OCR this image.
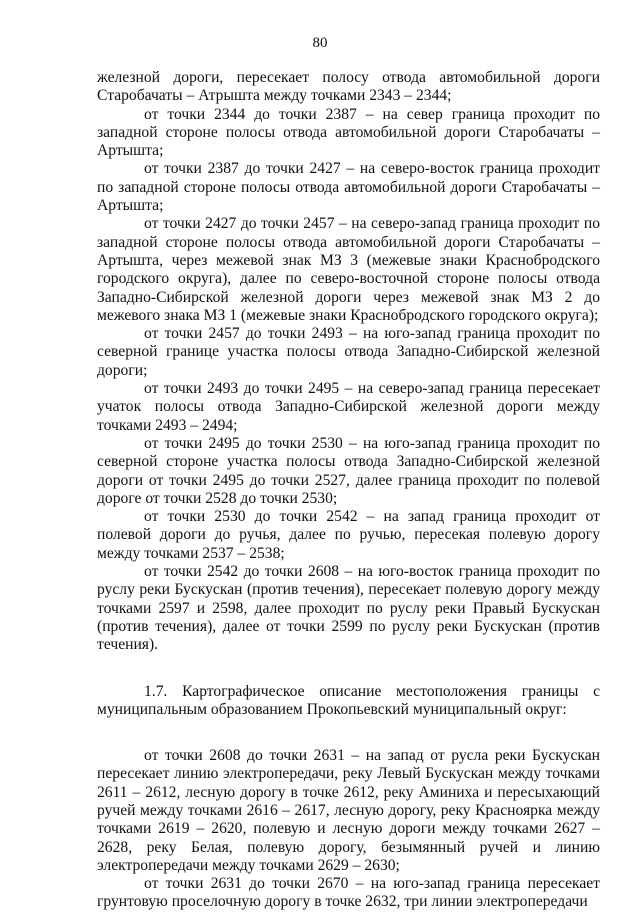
80

железной дороги, пересекает полосу отвода автомобильной дороги Старобачаты – Атрышта между точками 2343 – 2344;

от точки 2344 до точки 2387 – на север граница проходит по западной стороне полосы отвода автомобильной дороги Старобачаты – Артышта;

от точки 2387 до точки 2427 – на северо-восток граница проходит по западной стороне полосы отвода автомобильной дороги Старобачаты – Артышта;

от точки 2427 до точки 2457 – на северо-запад граница проходит по западной стороне полосы отвода автомобильной дороги Старобачаты – Артышта, через межевой знак МЗ 3 (межевые знаки Краснобродского городского округа), далее по северо-восточной стороне полосы отвода Западно-Сибирской железной дороги через межевой знак МЗ 2 до межевого знака МЗ 1 (межевые знаки Краснобродского городского округа);

от точки 2457 до точки 2493 – на юго-запад граница проходит по северной границе участка полосы отвода Западно-Сибирской железной дороги;

от точки 2493 до точки 2495 – на северо-запад граница пересекает учаток полосы отвода Западно-Сибирской железной дороги между точками 2493 – 2494;

от точки 2495 до точки 2530 – на юго-запад граница проходит по северной стороне участка полосы отвода Западно-Сибирской железной дороги от точки 2495 до точки 2527, далее граница проходит по полевой дороге от точки 2528 до точки 2530;

от точки 2530 до точки 2542 – на запад граница проходит от полевой дороги до ручья, далее по ручью, пересекая полевую дорогу между точками 2537 – 2538;

от точки 2542 до точки 2608 – на юго-восток граница проходит по руслу реки Бускускан (против течения), пересекает полевую дорогу между точками 2597 и 2598, далее проходит по руслу реки Правый Бускускан (против течения), далее от точки 2599 по руслу реки Бускускан (против течения).

1.7. Картографическое описание местоположения границы с муниципальным образованием Прокопьевский муниципальный округ:

от точки 2608 до точки 2631 – на запад от русла реки Бускускан пересекает линию электропередачи, реку Левый Бускускан между точками 2611 – 2612, лесную дорогу в точке 2612, реку Аминиха и пересыхающий ручей между точками 2616 – 2617, лесную дорогу, реку Красноярка между точками 2619 – 2620, полевую и лесную дороги между точками 2627 – 2628, реку Белая, полевую дорогу, безымянный ручей и линию электропередачи между точками 2629 – 2630;

от точки 2631 до точки 2670 – на юго-запад граница пересекает грунтовую проселочную дорогу в точке 2632, три линии электропередачи
